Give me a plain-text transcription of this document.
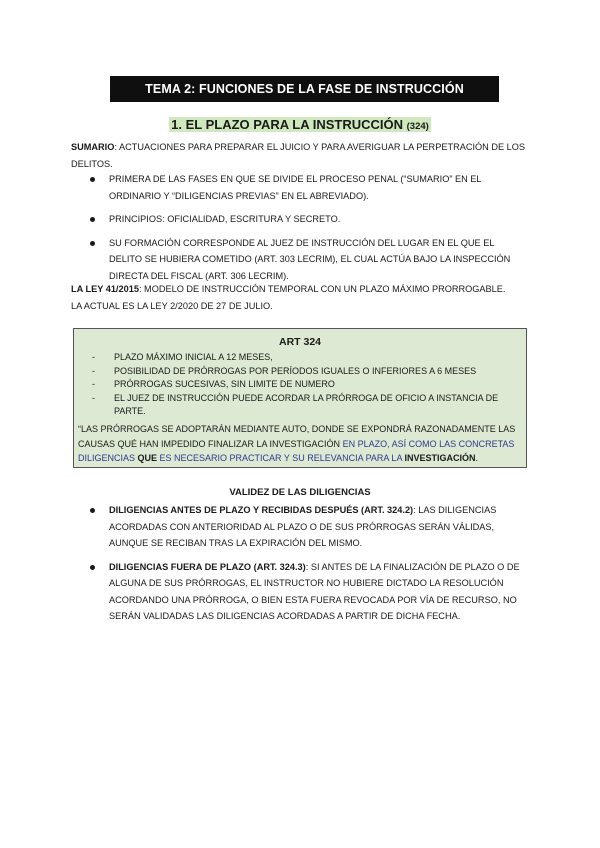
TEMA 2: FUNCIONES DE LA FASE DE INSTRUCCIÓN
1. EL PLAZO PARA LA INSTRUCCIÓN (324)
SUMARIO: ACTUACIONES PARA PREPARAR EL JUICIO Y PARA AVERIGUAR LA PERPETRACIÓN DE LOS DELITOS.
PRIMERA DE LAS FASES EN QUE SE DIVIDE EL PROCESO PENAL (“SUMARIO” EN EL ORDINARIO Y “DILIGENCIAS PREVIAS” EN EL ABREVIADO).
PRINCIPIOS: OFICIALIDAD, ESCRITURA Y SECRETO.
SU FORMACIÓN CORRESPONDE AL JUEZ DE INSTRUCCIÓN DEL LUGAR EN EL QUE EL DELITO SE HUBIERA COMETIDO (ART. 303 LECRIM), EL CUAL ACTÚA BAJO LA INSPECCIÓN DIRECTA DEL FISCAL (ART. 306 LECRIM).
LA LEY 41/2015: MODELO DE INSTRUCCIÓN TEMPORAL CON UN PLAZO MÁXIMO PRORROGABLE.
LA ACTUAL ES LA LEY 2/2020 DE 27 DE JULIO.
ART 324
- PLAZO MÁXIMO INICIAL A 12 MESES,
- POSIBILIDAD DE PRÓRROGAS POR PERÍODOS IGUALES O INFERIORES A 6 MESES
- PRÓRROGAS SUCESIVAS, SIN LIMITE DE NUMERO
- EL JUEZ DE INSTRUCCIÓN PUEDE ACORDAR LA PRÓRROGA DE OFICIO A INSTANCIA DE PARTE.
“LAS PRÓRROGAS SE ADOPTARÁN MEDIANTE AUTO, DONDE SE EXPONDRÁ RAZONADAMENTE LAS CAUSAS QUÉ HAN IMPEDIDO FINALIZAR LA INVESTIGACIÓN EN PLAZO, ASÍ COMO LAS CONCRETAS DILIGENCIAS QUE ES NECESARIO PRACTICAR Y SU RELEVANCIA PARA LA INVESTIGACIÓN.
VALIDEZ DE LAS DILIGENCIAS
DILIGENCIAS ANTES DE PLAZO Y RECIBIDAS DESPUÉS (ART. 324.2): LAS DILIGENCIAS ACORDADAS CON ANTERIORIDAD AL PLAZO O DE SUS PRÓRROGAS SERÁN VÁLIDAS, AUNQUE SE RECIBAN TRAS LA EXPIRACIÓN DEL MISMO.
DILIGENCIAS FUERA DE PLAZO (ART. 324.3): SI ANTES DE LA FINALIZACIÓN DE PLAZO O DE ALGUNA DE SUS PRÓRROGAS, EL INSTRUCTOR NO HUBIERE DICTADO LA RESOLUCIÓN ACORDANDO UNA PRÓRROGA, O BIEN ESTA FUERA REVOCADA POR VÍA DE RECURSO, NO SERÁN VALIDADAS LAS DILIGENCIAS ACORDADAS A PARTIR DE DICHA FECHA.
